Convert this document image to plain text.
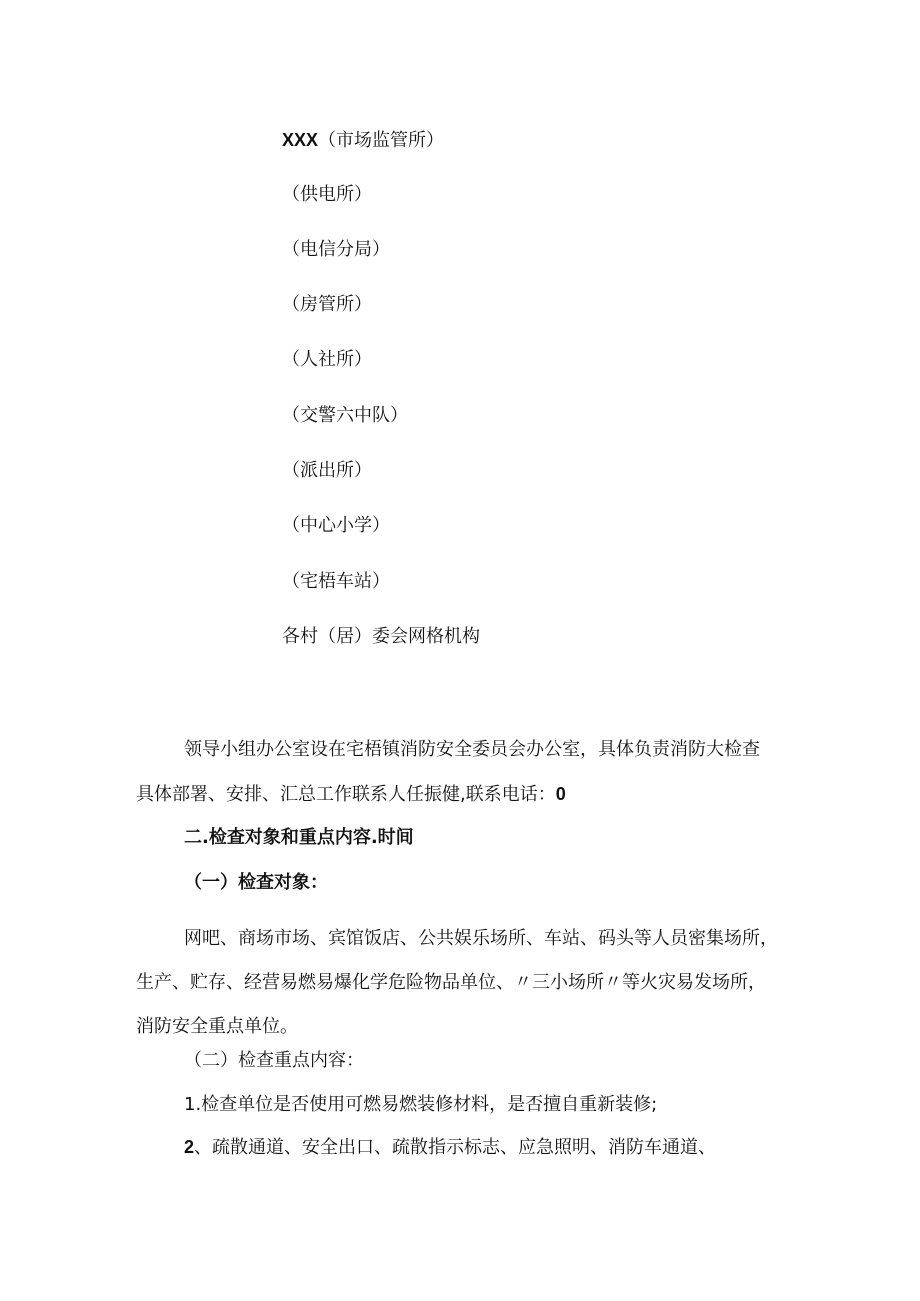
XXX（市场监管所）
（供电所）
（电信分局）
（房管所）
（人社所）
（交警六中队）
（派出所）
（中心小学）
（宅梧车站）
各村（居）委会网格机构
领导小组办公室设在宅梧镇消防安全委员会办公室，具体负责消防大检查
具体部署、安排、汇总工作联系人任振健,联系电话：0
二.检查对象和重点内容.时间
（一）检查对象：
网吧、商场市场、宾馆饭店、公共娱乐场所、车站、码头等人员密集场所，
生产、贮存、经营易燃易爆化学危险物品单位、〃三小场所〃等火灾易发场所，
消防安全重点单位。
（二）检查重点内容：
1.检查单位是否使用可燃易燃装修材料，是否擅自重新装修;
2、疏散通道、安全出口、疏散指示标志、应急照明、消防车通道、
